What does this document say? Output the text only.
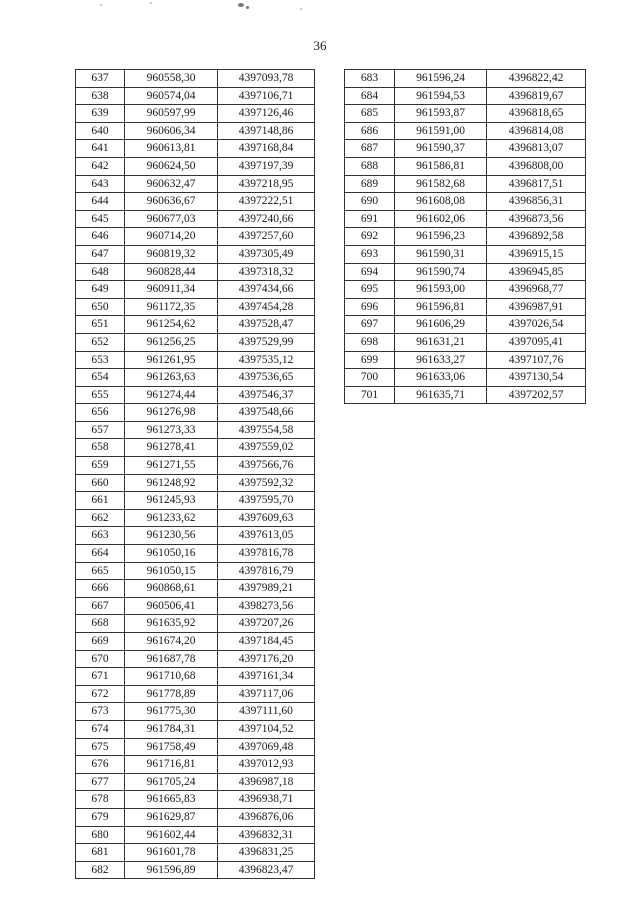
36
637	960558,30	4397093,78
638	960574,04	4397106,71
639	960597,99	4397126,46
640	960606,34	4397148,86
641	960613,81	4397168,84
642	960624,50	4397197,39
643	960632,47	4397218,95
644	960636,67	4397222,51
645	960677,03	4397240,66
646	960714,20	4397257,60
647	960819,32	4397305,49
648	960828,44	4397318,32
649	960911,34	4397434,66
650	961172,35	4397454,28
651	961254,62	4397528,47
652	961256,25	4397529,99
653	961261,95	4397535,12
654	961263,63	4397536,65
655	961274,44	4397546,37
656	961276,98	4397548,66
657	961273,33	4397554,58
658	961278,41	4397559,02
659	961271,55	4397566,76
660	961248,92	4397592,32
661	961245,93	4397595,70
662	961233,62	4397609,63
663	961230,56	4397613,05
664	961050,16	4397816,78
665	961050,15	4397816,79
666	960868,61	4397989,21
667	960506,41	4398273,56
668	961635,92	4397207,26
669	961674,20	4397184,45
670	961687,78	4397176,20
671	961710,68	4397161,34
672	961778,89	4397117,06
673	961775,30	4397111,60
674	961784,31	4397104,52
675	961758,49	4397069,48
676	961716,81	4397012,93
677	961705,24	4396987,18
678	961665,83	4396938,71
679	961629,87	4396876,06
680	961602,44	4396832,31
681	961601,78	4396831,25
682	961596,89	4396823,47
683	961596,24	4396822,42
684	961594,53	4396819,67
685	961593,87	4396818,65
686	961591,00	4396814,08
687	961590,37	4396813,07
688	961586,81	4396808,00
689	961582,68	4396817,51
690	961608,08	4396856,31
691	961602,06	4396873,56
692	961596,23	4396892,58
693	961590,31	4396915,15
694	961590,74	4396945,85
695	961593,00	4396968,77
696	961596,81	4396987,91
697	961606,29	4397026,54
698	961631,21	4397095,41
699	961633,27	4397107,76
700	961633,06	4397130,54
701	961635,71	4397202,57
